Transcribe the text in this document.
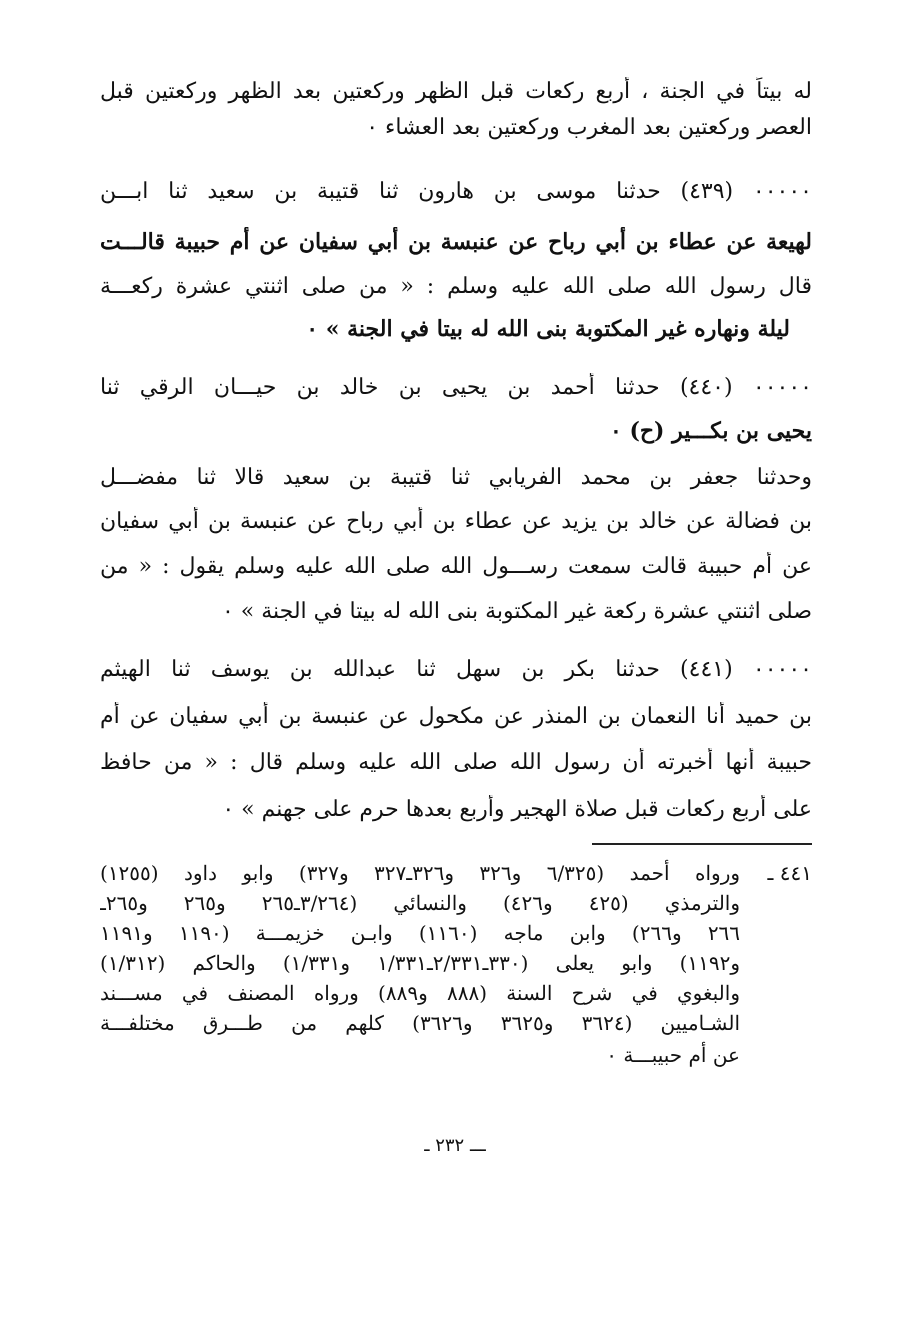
له بيتاً في الجنة ، أربع ركعات قبل الظهر وركعتين بعد الظهر وركعتين قبل
العصر وركعتين بعد المغرب وركعتين بعد العشاء ٠
٠٠٠٠٠ (٤٣٩) حدثنا موسى بن هارون ثنا قتيبة بن سعيد ثنا ابـــن
لهيعة عن عطاء بن أبي رباح عن عنبسة بن أبي سفيان عن أم حبيبة قالـــت
قال رسول الله صلى الله عليه وسلم : « من صلى اثنتي عشرة ركعـــة
ليلة ونهاره غير المكتوبة بنى الله له بيتا في الجنة » ٠
٠٠٠٠٠ (٤٤٠) حدثنا أحمد بن يحيى بن خالد بن حيـــان الرقي ثنا
يحيى بن بكـــير (ح) ٠
وحدثنا جعفر بن محمد الفريابي ثنا قتيبة بن سعيد قالا ثنا مفضـــل
بن فضالة عن خالد بن يزيد عن عطاء بن أبي رباح عن عنبسة بن أبي سفيان
عن أم حبيبة قالت سمعت رســـول الله صلى الله عليه وسلم يقول : « من
صلى اثنتي عشرة ركعة غير المكتوبة بنى الله له بيتا في الجنة » ٠
٠٠٠٠٠ (٤٤١) حدثنا بكر بن سهل ثنا عبدالله بن يوسف ثنا الهيثم
بن حميد أنا النعمان بن المنذر عن مكحول عن عنبسة بن أبي سفيان عن أم
حبيبة أنها أخبرته أن رسول الله صلى الله عليه وسلم قال : « من حافظ
على أربع ركعات قبل صلاة الهجير وأربع بعدها حرم على جهنم » ٠
٤٤١ ـ
ورواه أحمد (٦/٣٢٥ و٣٢٦ و٣٢٦ـ٣٢٧ و٣٢٧) وابو داود (١٢٥٥)
والترمذي (٤٢٥ و٤٢٦) والنسائي (٣/٢٦٤ـ٢٦٥ و٢٦٥ و٢٦٥ـ
٢٦٦ و٢٦٦) وابن ماجه (١١٦٠) وابـن خزيمـــة (١١٩٠ و١١٩١
و١١٩٢) وابو يعلى (٣٣٠ـ٢/٣٣١ـ١/٣٣١ و١/٣٣١) والحاكم (١/٣١٢)
والبغوي في شرح السنة (٨٨٨ و٨٨٩) ورواه المصنف في مســـند
الشـاميين (٣٦٢٤ و٣٦٢٥ و٣٦٢٦) كلهم من طـــرق مختلفـــة
عن أم حبيبـــة ٠
ـــ ٢٣٢ ـ
